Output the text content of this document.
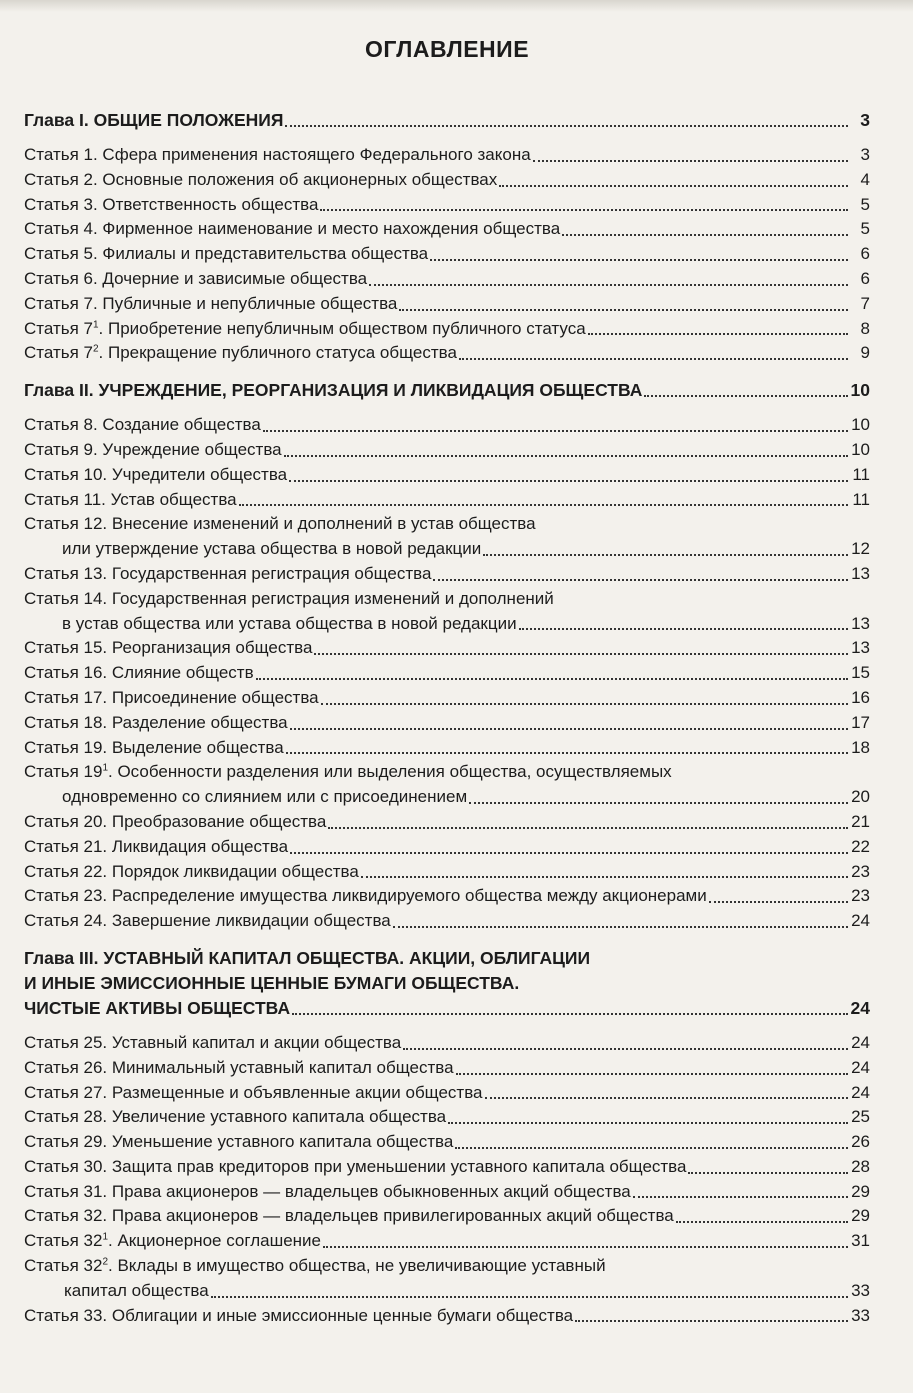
ОГЛАВЛЕНИЕ
Глава I. ОБЩИЕ ПОЛОЖЕНИЯ	3
Статья 1. Сфера применения настоящего Федерального закона	3
Статья 2. Основные положения об акционерных обществах	4
Статья 3. Ответственность общества	5
Статья 4. Фирменное наименование и место нахождения общества	5
Статья 5. Филиалы и представительства общества	6
Статья 6. Дочерние и зависимые общества	6
Статья 7. Публичные и непубличные общества	7
Статья $7^1$. Приобретение непубличным обществом публичного статуса	8
Статья $7^2$. Прекращение публичного статуса общества	9
Глава II. УЧРЕЖДЕНИЕ, РЕОРГАНИЗАЦИЯ И ЛИКВИДАЦИЯ ОБЩЕСТВА	10
Статья 8. Создание общества	10
Статья 9. Учреждение общества	10
Статья 10. Учредители общества	11
Статья 11. Устав общества	11
Статья 12. Внесение изменений и дополнений в устав общества
или утверждение устава общества в новой редакции	12
Статья 13. Государственная регистрация общества	13
Статья 14. Государственная регистрация изменений и дополнений
в устав общества или устава общества в новой редакции	13
Статья 15. Реорганизация общества	13
Статья 16. Слияние обществ	15
Статья 17. Присоединение общества	16
Статья 18. Разделение общества	17
Статья 19. Выделение общества	18
Статья $19^1$. Особенности разделения или выделения общества, осуществляемых
одновременно со слиянием или с присоединением	20
Статья 20. Преобразование общества	21
Статья 21. Ликвидация общества	22
Статья 22. Порядок ликвидации общества	23
Статья 23. Распределение имущества ликвидируемого общества между акционерами	23
Статья 24. Завершение ликвидации общества	24
Глава III. УСТАВНЫЙ КАПИТАЛ ОБЩЕСТВА. АКЦИИ, ОБЛИГАЦИИ
И ИНЫЕ ЭМИССИОННЫЕ ЦЕННЫЕ БУМАГИ ОБЩЕСТВА.
ЧИСТЫЕ АКТИВЫ ОБЩЕСТВА	24
Статья 25. Уставный капитал и акции общества	24
Статья 26. Минимальный уставный капитал общества	24
Статья 27. Размещенные и объявленные акции общества	24
Статья 28. Увеличение уставного капитала общества	25
Статья 29. Уменьшение уставного капитала общества	26
Статья 30. Защита прав кредиторов при уменьшении уставного капитала общества	28
Статья 31. Права акционеров — владельцев обыкновенных акций общества	29
Статья 32. Права акционеров — владельцев привилегированных акций общества	29
Статья $32^1$. Акционерное соглашение	31
Статья $32^2$. Вклады в имущество общества, не увеличивающие уставный
капитал общества	33
Статья 33. Облигации и иные эмиссионные ценные бумаги общества	33
